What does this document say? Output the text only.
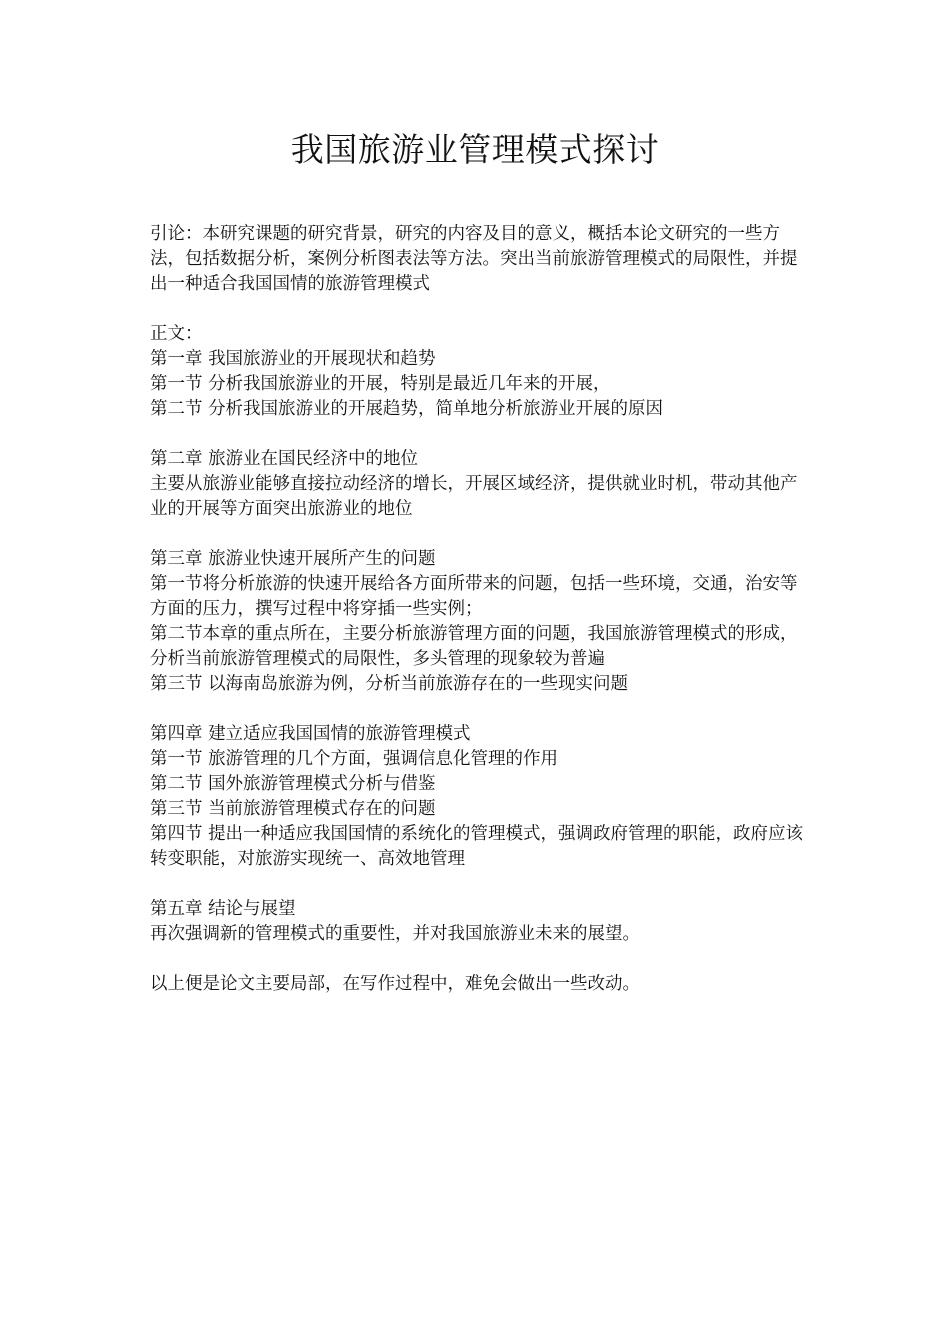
我国旅游业管理模式探讨

引论：本研究课题的研究背景，研究的内容及目的意义，概括本论文研究的一些方法，包括数据分析，案例分析图表法等方法。突出当前旅游管理模式的局限性，并提出一种适合我国国情的旅游管理模式

正文：

第一章 我国旅游业的开展现状和趋势

第一节 分析我国旅游业的开展，特别是最近几年来的开展，

第二节 分析我国旅游业的开展趋势，简单地分析旅游业开展的原因

第二章 旅游业在国民经济中的地位

主要从旅游业能够直接拉动经济的增长，开展区域经济，提供就业时机，带动其他产业的开展等方面突出旅游业的地位

第三章 旅游业快速开展所产生的问题

第一节将分析旅游的快速开展给各方面所带来的问题，包括一些环境，交通，治安等方面的压力，撰写过程中将穿插一些实例；

第二节本章的重点所在，主要分析旅游管理方面的问题，我国旅游管理模式的形成，分析当前旅游管理模式的局限性，多头管理的现象较为普遍

第三节 以海南岛旅游为例，分析当前旅游存在的一些现实问题

第四章 建立适应我国国情的旅游管理模式

第一节 旅游管理的几个方面，强调信息化管理的作用

第二节 国外旅游管理模式分析与借鉴

第三节 当前旅游管理模式存在的问题

第四节 提出一种适应我国国情的系统化的管理模式，强调政府管理的职能，政府应该转变职能，对旅游实现统一、高效地管理

第五章 结论与展望

再次强调新的管理模式的重要性，并对我国旅游业未来的展望。

以上便是论文主要局部，在写作过程中，难免会做出一些改动。
